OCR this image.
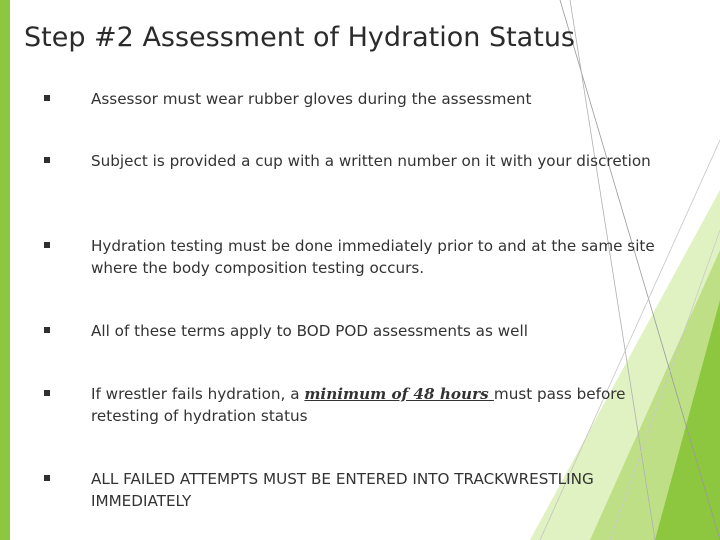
Step #2 Assessment of Hydration Status
Assessor must wear rubber gloves during the assessment
Subject is provided a cup with a written number on it with your discretion
Hydration testing must be done immediately prior to and at the same site where the body composition testing occurs.
All of these terms apply to BOD POD assessments as well
If wrestler fails hydration, a minimum of 48 hours must pass before retesting of hydration status
ALL FAILED ATTEMPTS MUST BE ENTERED INTO TRACKWRESTLING IMMEDIATELY
